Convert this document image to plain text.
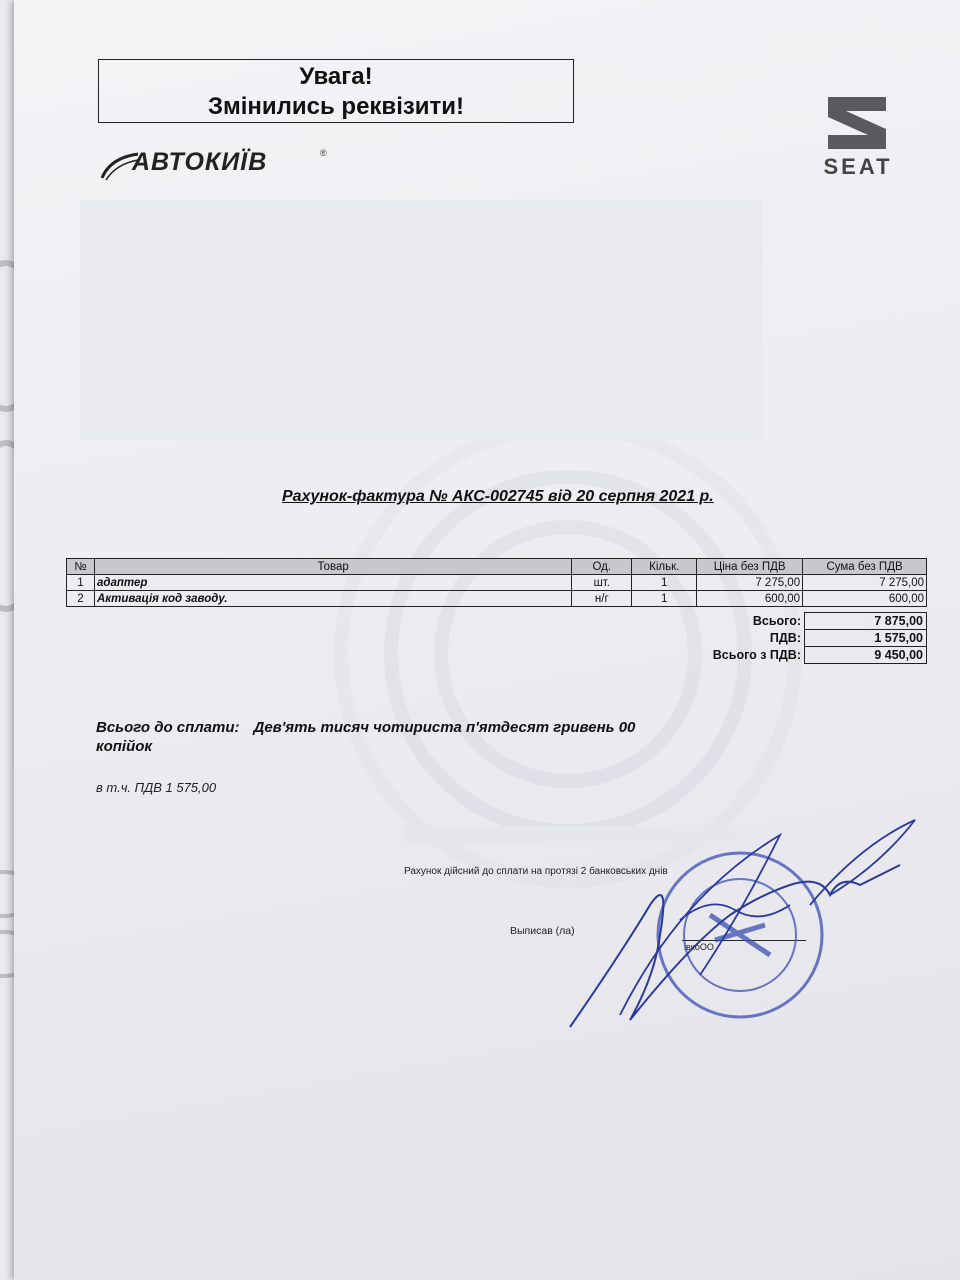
Увага!
Змінились реквізити!
АВТОКИЇВ	®
SEAT
Рахунок-фактура № АКС-002745 від 20 серпня 2021 р.
№	Товар	Од.	Кільк.	Ціна без ПДВ	Сума без ПДВ
1	адаптер	шт.	1	7 275,00	7 275,00
2	Активація код заводу.	н/г	1	600,00	600,00
Всього:	7 875,00
ПДВ:	1 575,00
Всього з ПДВ:	9 450,00
Всього до сплати: Дев'ять тисяч чотириста п'ятдесят гривень 00 копійок
в т.ч. ПДВ 1 575,00
Рахунок дійсний до сплати на протязі 2 банковських днів
Выписав (ла)
івкоОО
